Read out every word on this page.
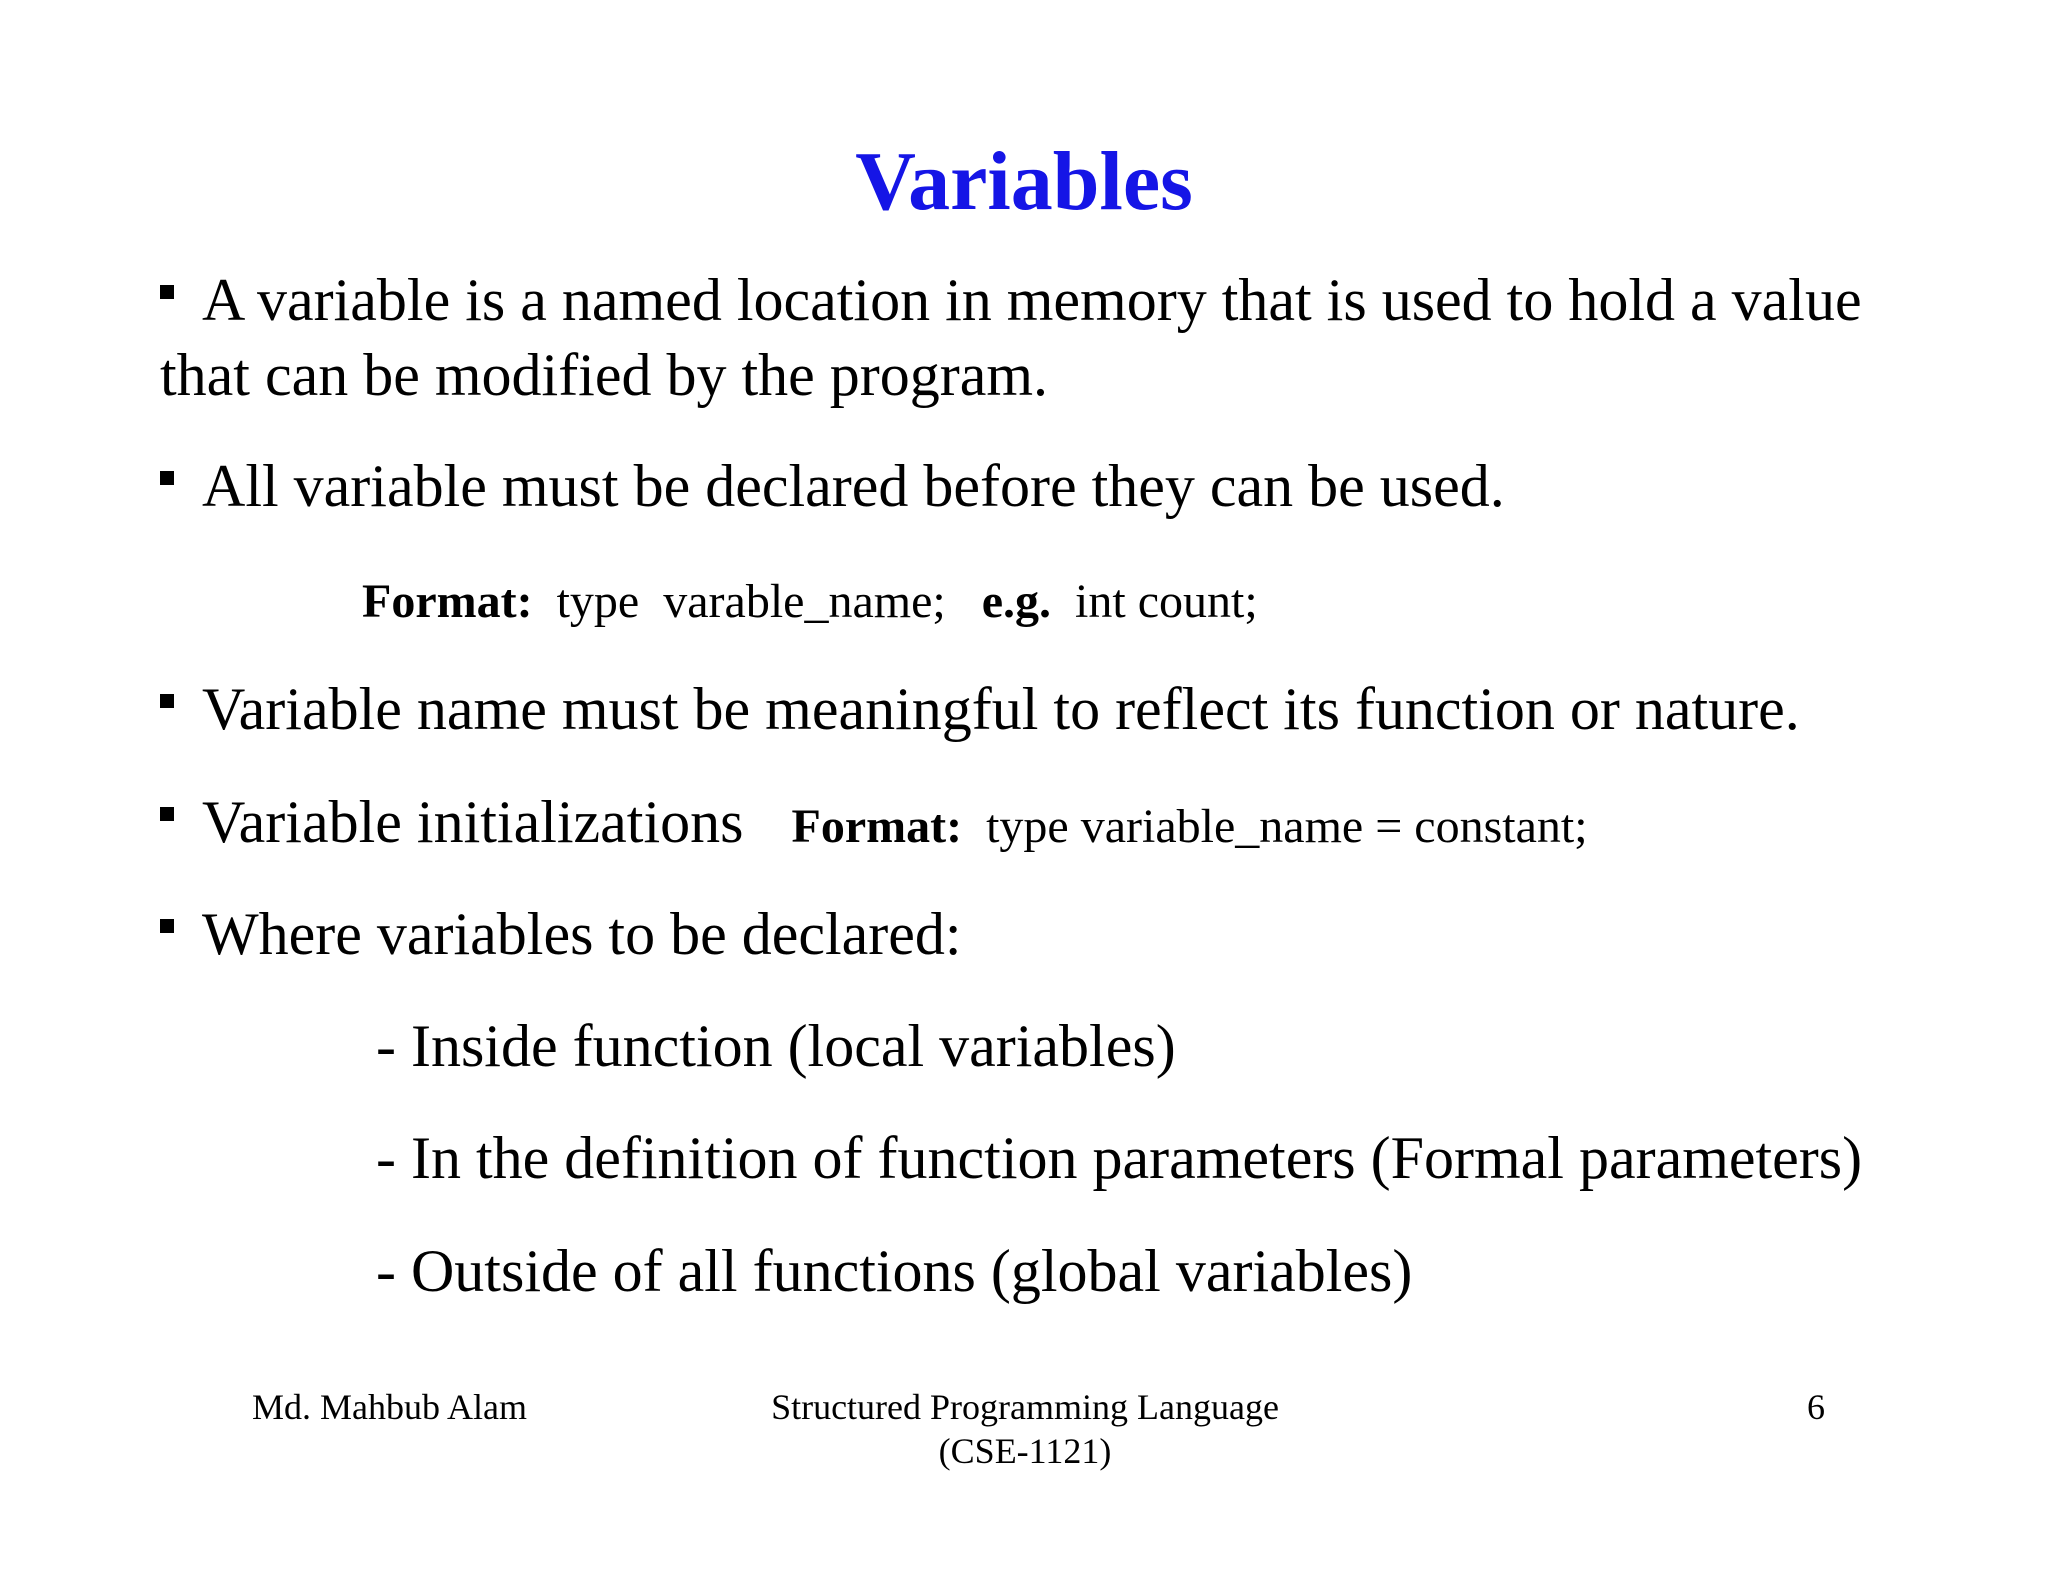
Variables
A variable is a named location in memory that is used to hold a value
that can be modified by the program.
All variable must be declared before they can be used.
Format: type  varable_name;   e.g. int count;
Variable name must be meaningful to reflect its function or nature.
Variable initializations Format: type variable_name = constant;
Where variables to be declared:
- Inside function (local variables)
- In the definition of function parameters (Formal parameters)
- Outside of all functions (global variables)
Md. Mahbub Alam	Structured Programming Language
(CSE-1121)
6
